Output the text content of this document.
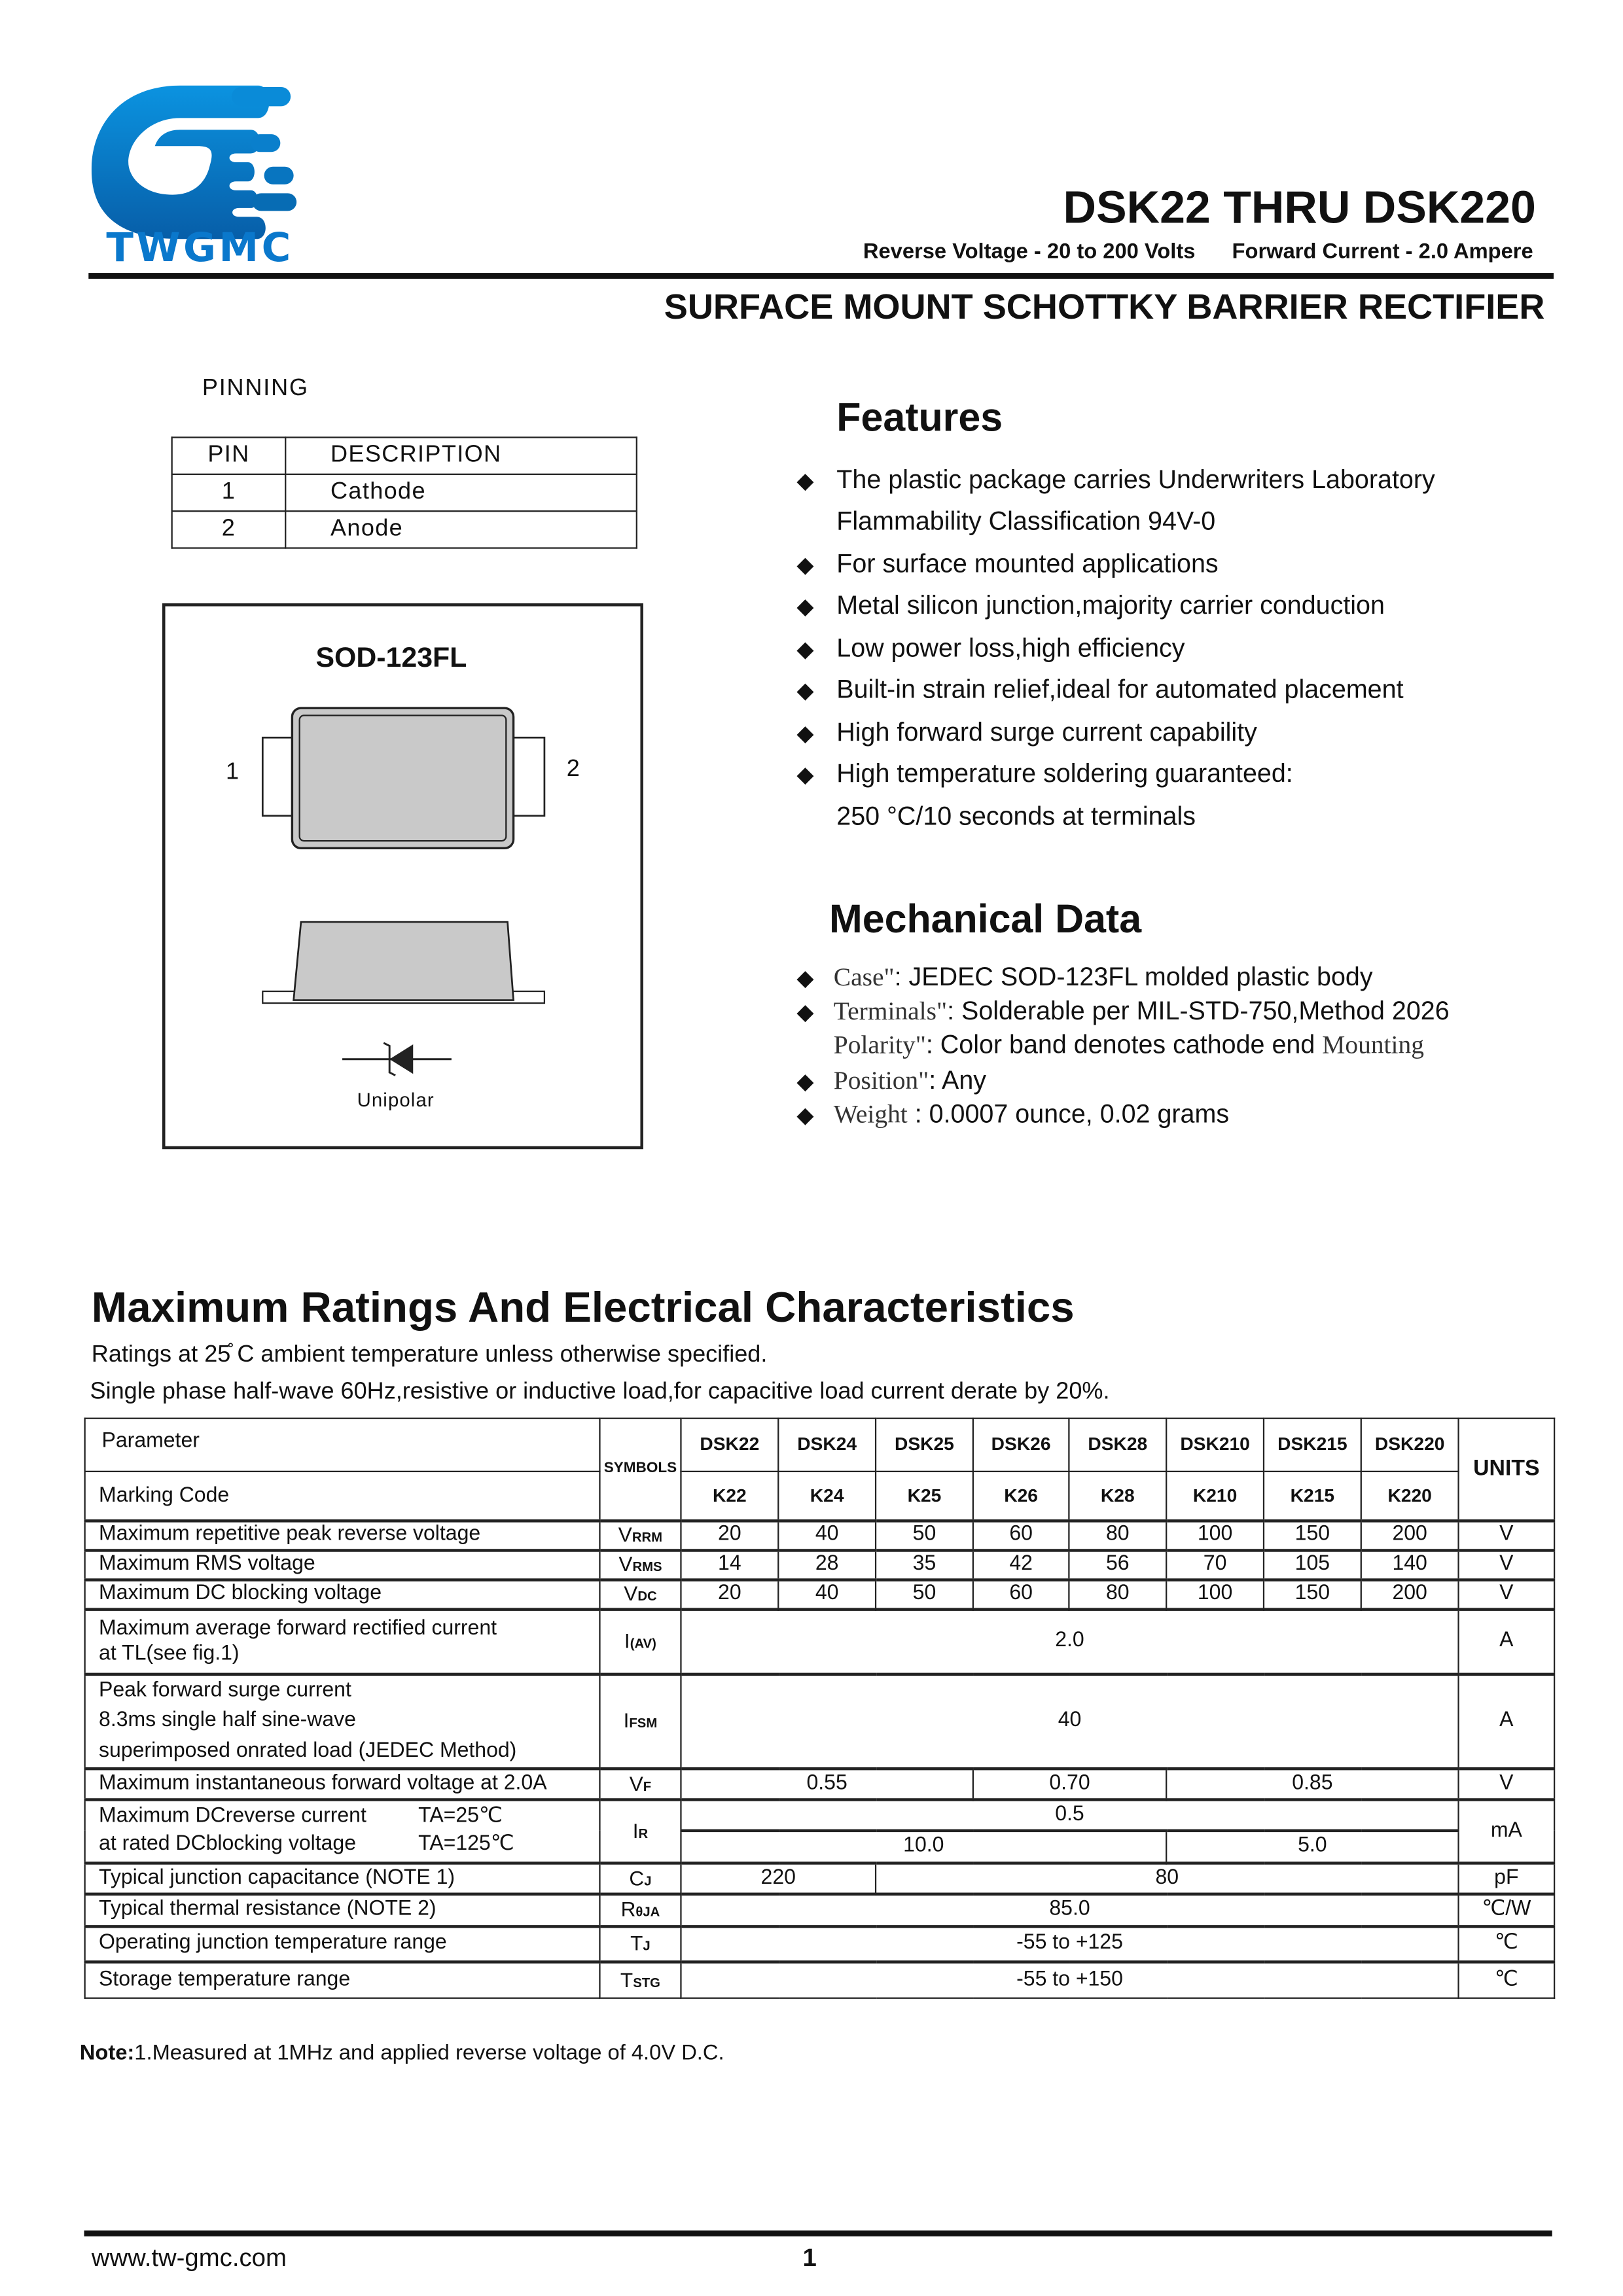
TWGMC
DSK22 THRU DSK220
Reverse Voltage - 20 to 200 Volts	Forward Current - 2.0 Ampere
SURFACE MOUNT SCHOTTKY BARRIER RECTIFIER
PINNING
PIN	DESCRIPTION
1	Cathode
2	Anode
SOD-123FL
1	2
Unipolar
Features
◆ The plastic package carries Underwriters Laboratory
Flammability Classification 94V-0
◆ For surface mounted applications
◆ Metal silicon junction,majority carrier conduction
◆ Low power loss,high efficiency
◆ Built-in strain relief,ideal for automated placement
◆ High forward surge current capability
◆ High temperature soldering guaranteed:
250 °C/10 seconds at terminals
Mechanical Data
◆ Case": JEDEC SOD-123FL molded plastic body
◆ Terminals": Solderable per MIL-STD-750,Method 2026
Polarity": Color band denotes cathode end Mounting
◆ Position": Any
◆ Weight : 0.0007 ounce, 0.02 grams
Maximum Ratings And Electrical Characteristics
Ratings at 25̊ C ambient temperature unless otherwise specified.
Single phase half-wave 60Hz,resistive or inductive load,for capacitive load current derate by 20%.
Parameter	SYMBOLS	DSK22	DSK24	DSK25	DSK26	DSK28	DSK210	DSK215	DSK220	UNITS
Marking Code		K22	K24	K25	K26	K28	K210	K215	K220	
Maximum repetitive peak reverse voltage	VRRM	20	40	50	60	80	100	150	200	V
Maximum RMS voltage	VRMS	14	28	35	42	56	70	105	140	V
Maximum DC blocking voltage	VDC	20	40	50	60	80	100	150	200	V

Maximum average forward rectified current
at TL(see fig.1)	I(AV)	2.0								A

Peak forward surge current
8.3ms single half sine-wave
superimposed onrated load (JEDEC Method)	IFSM	40								A
Maximum instantaneous forward voltage at 2.0A	VF	0.55			0.70		0.85			V

Maximum DCreverse current TA=25℃
at rated DCblocking voltage TA=125℃	IR	0.5								mA
		10.0					5.0			
Typical junction capacitance (NOTE 1)	CJ	220		80						pF
Typical thermal resistance (NOTE 2)	RθJA	85.0								℃/W
Operating junction temperature range	TJ	-55 to +125								℃
Storage temperature range	TSTG	-55 to +150								℃
Note:1.Measured at 1MHz and applied reverse voltage of 4.0V D.C.
www.tw-gmc.com	1
